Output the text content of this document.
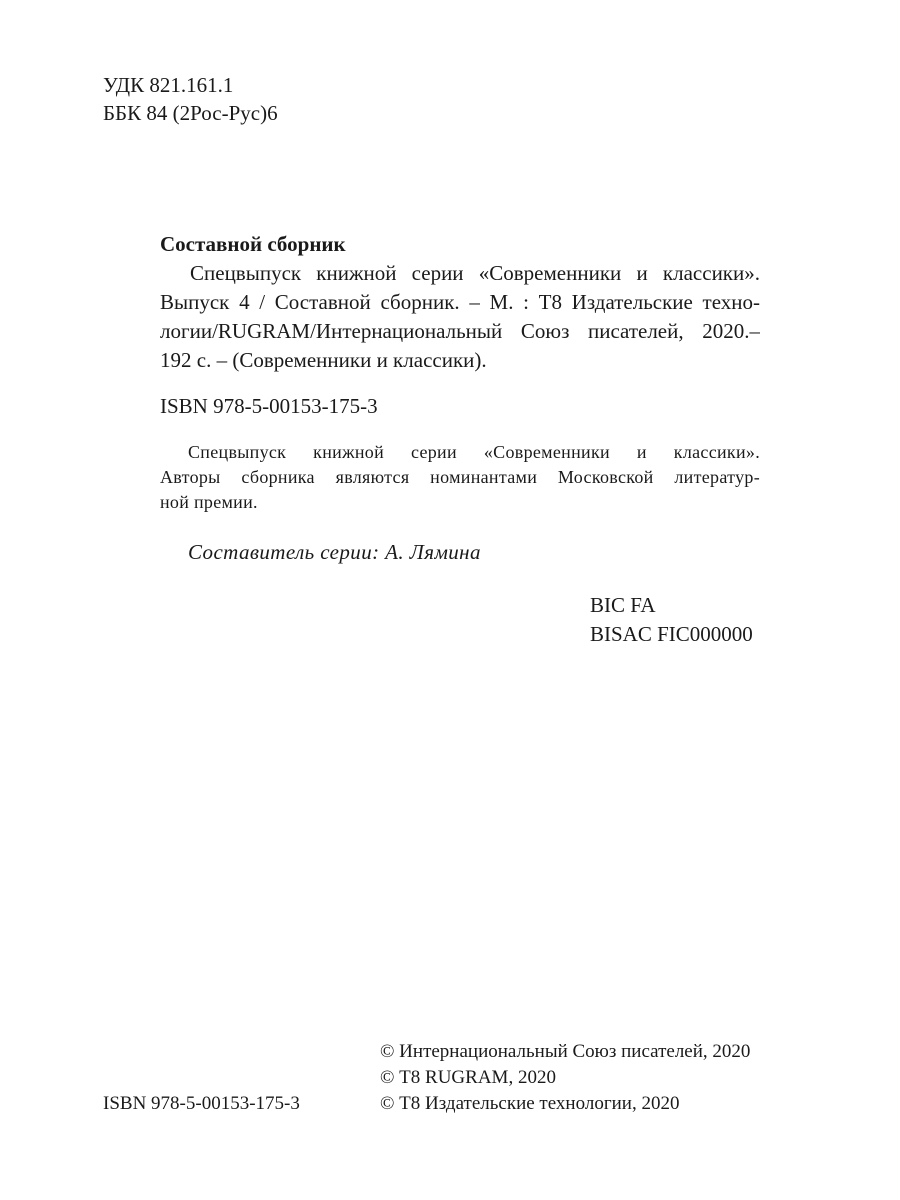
УДК 821.161.1
ББК 84 (2Рос-Рус)6
Составной сборник
Спецвыпуск книжной серии «Современники и классики».
Выпуск 4 / Составной сборник. – М. : Т8 Издательские техно-
логии/RUGRAM/Интернациональный Союз писателей, 2020.–
192 с. – (Современники и классики).
ISBN 978-5-00153-175-3
Спецвыпуск книжной серии «Современники и классики».
Авторы сборника являются номинантами Московской литератур-
ной премии.
Составитель серии: А. Лямина
BIC FA
BISAC FIC000000
© Интернациональный Союз писателей, 2020
© Т8 RUGRAM, 2020
© Т8 Издательские технологии, 2020
ISBN 978-5-00153-175-3
